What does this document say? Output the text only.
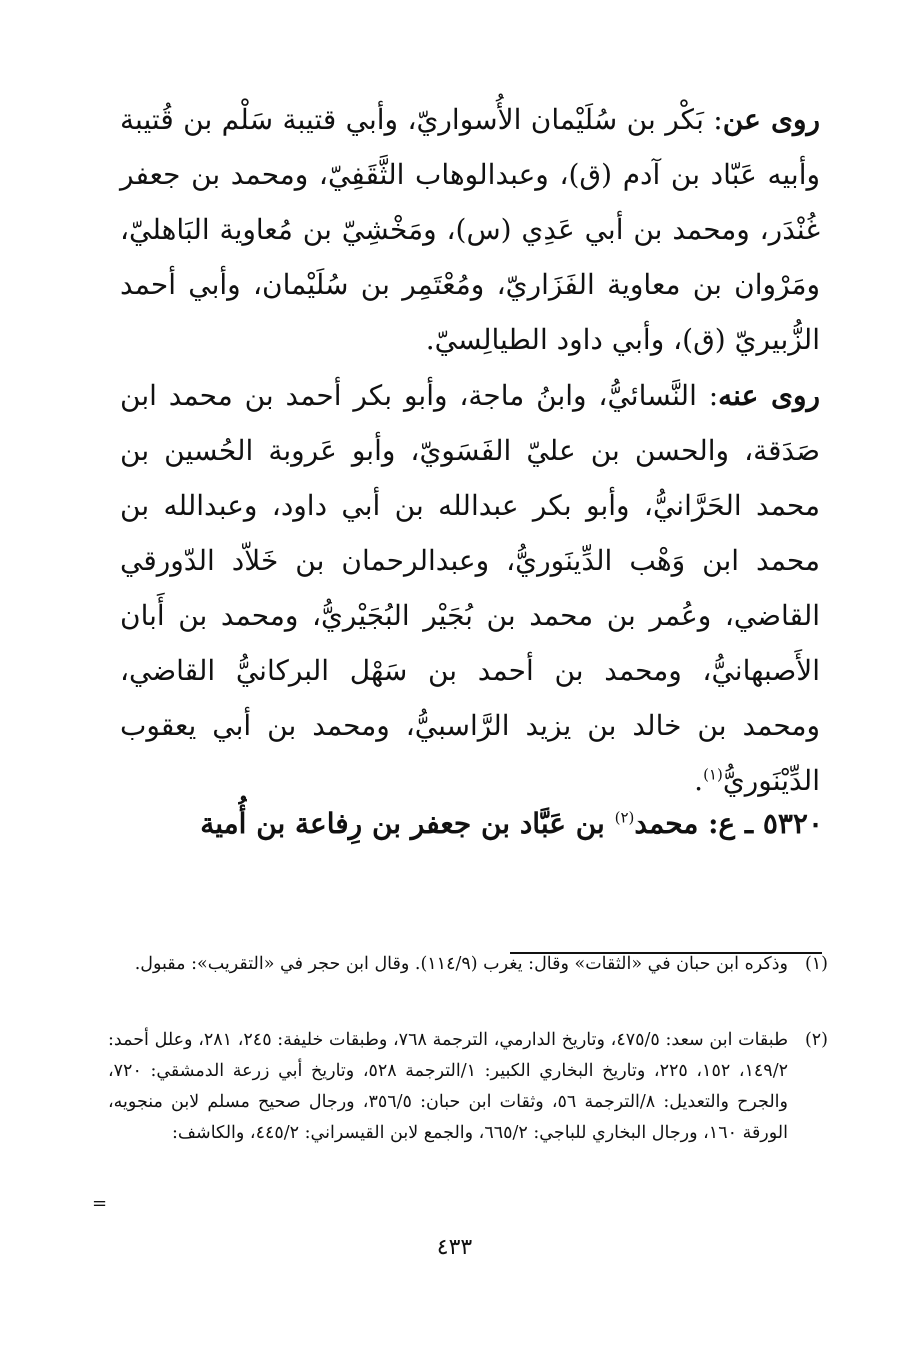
روى عن: بَكْر بن سُلَيْمان الأُسواريّ، وأبي قتيبة سَلْم بن قُتيبة وأبيه عَبّاد بن آدم (ق)، وعبدالوهاب الثَّقَفِيّ، ومحمد بن جعفر غُنْدَر، ومحمد بن أبي عَدِي (س)، ومَخْشِيّ بن مُعاوية البَاهليّ، ومَرْوان بن معاوية الفَزَاريّ، ومُعْتَمِر بن سُلَيْمان، وأبي أحمد الزُّبيريّ (ق)، وأبي داود الطيالِسيّ.

روى عنه: النَّسائيُّ، وابنُ ماجة، وأبو بكر أحمد بن محمد ابن صَدَقة، والحسن بن عليّ الفَسَويّ، وأبو عَروبة الحُسين بن محمد الحَرَّانيُّ، وأبو بكر عبدالله بن أبي داود، وعبدالله بن محمد ابن وَهْب الدِّينَوريُّ، وعبدالرحمان بن خَلاّد الدّورقي القاضي، وعُمر بن محمد بن بُجَيْر البُجَيْريُّ، ومحمد بن أَبان الأَصبهانيُّ، ومحمد بن أحمد بن سَهْل البركانيُّ القاضي، ومحمد بن خالد بن يزيد الرَّاسبيُّ، ومحمد بن أبي يعقوب الدِّيْنَوريُّ$^{(١)}$.

٥٣٢٠ ـ ع: محمد$^{(٢)}$ بن عَبَّاد بن جعفر بن رِفاعة بن أُمية
(١)
وذكره ابن حبان في «الثقات» وقال: يغرب (١١٤/٩). وقال ابن حجر في «التقريب»: مقبول.
(٢)
طبقات ابن سعد: ٤٧٥/٥، وتاريخ الدارمي، الترجمة ٧٦٨، وطبقات خليفة: ٢٤٥، ٢٨١، وعلل أحمد: ١٤٩/٢، ١٥٢، ٢٢٥، وتاريخ البخاري الكبير: ١/الترجمة ٥٢٨، وتاريخ أبي زرعة الدمشقي: ٧٢٠، والجرح والتعديل: ٨/الترجمة ٥٦، وثقات ابن حبان: ٣٥٦/٥، ورجال صحيح مسلم لابن منجويه، الورقة ١٦٠، ورجال البخاري للباجي: ٦٦٥/٢، والجمع لابن القيسراني: ٤٤٥/٢، والكاشف:
=
٤٣٣
